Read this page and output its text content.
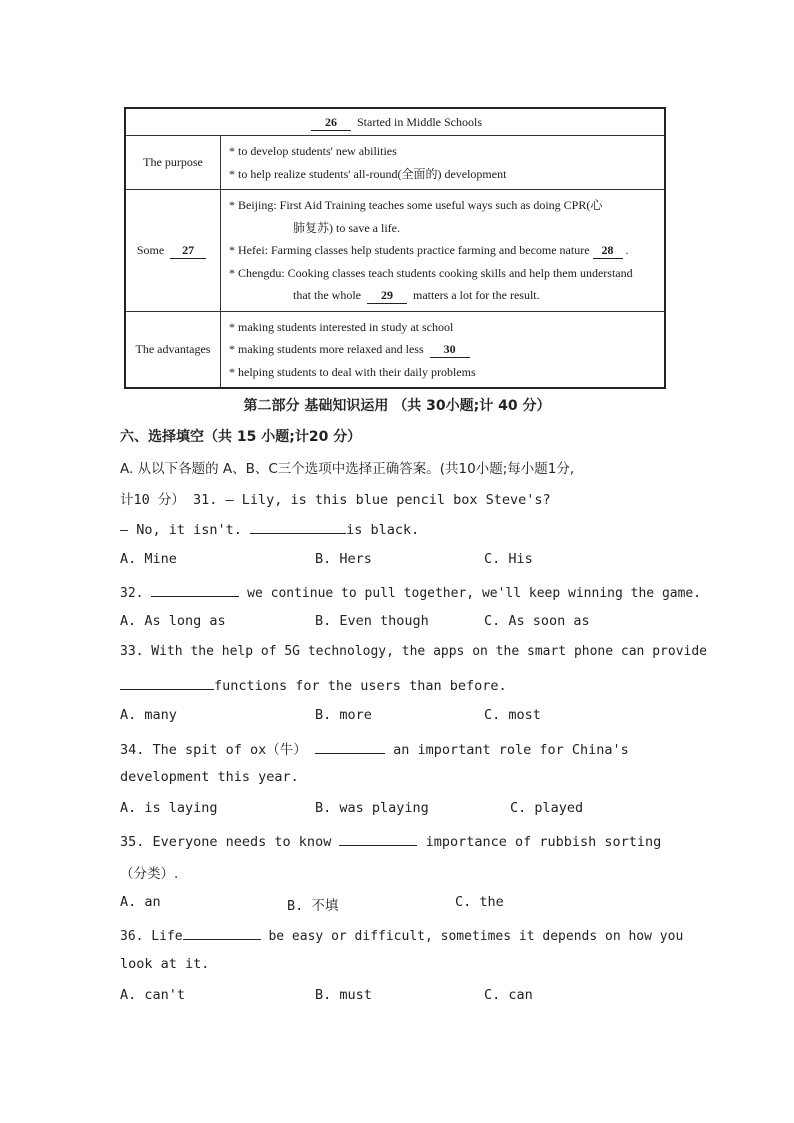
26 Started in Middle Schools	
The purpose	* to develop students' new abilities
* to help realize students' all-round(全面的) development

Some 27	* Beijing: First Aid Training teaches some useful ways such as doing CPR(心
肺复苏) to save a life.
* Hefei: Farming classes help students practice farming and become nature 28 .
* Chengdu: Cooking classes teach students cooking skills and help them understand
that the whole 29 matters a lot for the result.

The advantages	* making students interested in study at school
* making students more relaxed and less 30
* helping students to deal with their daily problems
第二部分 基础知识运用 （共 30小题;计 40 分）
六、选择填空（共 15 小题;计20 分）
A. 从以下各题的 A、B、C三个选项中选择正确答案。(共10小题;每小题1分,
计10 分） 31. — Lily, is this blue pencil box Steve's?
— No, it isn't.	is black.
A. Mine	B. Hers	C. His
32.	we continue to pull together, we'll keep winning the game.
A. As long as	B. Even though	C. As soon as
33. With the help of 5G technology, the apps on the smart phone can provide
functions for the users than before.
A. many	B. more	C. most
34. The spit of ox（牛）	an important role for China's
development this year.
A. is laying	B. was playing	C. played
35. Everyone needs to know	importance of rubbish sorting
（分类）.
A. an	B. 不填	C. the
36. Life	be easy or difficult, sometimes it depends on how you
look at it.
A. can't	B. must	C. can
